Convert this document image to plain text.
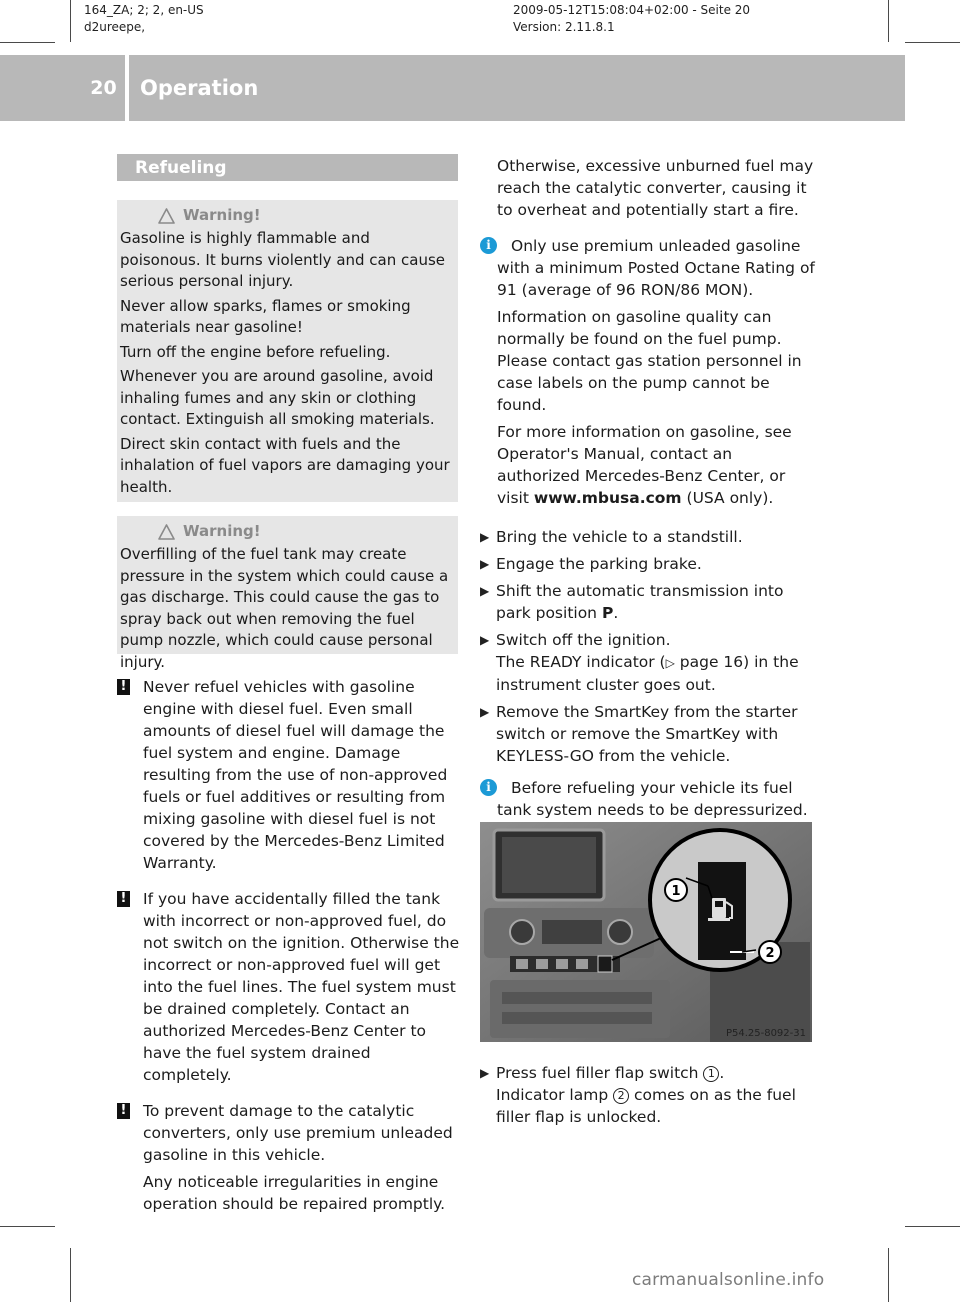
164_ZA; 2; 2, en-US
d2ureepe,
2009-05-12T15:08:04+02:00 - Seite 20
Version: 2.11.8.1
20	Operation
Refueling
Warning!

Gasoline is highly flammable and poisonous. It burns violently and can cause serious personal injury.

Never allow sparks, flames or smoking materials near gasoline!

Turn off the engine before refueling.

Whenever you are around gasoline, avoid inhaling fumes and any skin or clothing contact. Extinguish all smoking materials.

Direct skin contact with fuels and the inhalation of fuel vapors are damaging your health.

Warning!

Overfilling of the fuel tank may create pressure in the system which could cause a gas discharge. This could cause the gas to spray back out when removing the fuel pump nozzle, which could cause personal injury.

! Never refuel vehicles with gasoline engine with diesel fuel. Even small amounts of diesel fuel will damage the fuel system and engine. Damage resulting from the use of non-approved fuels or fuel additives or resulting from mixing gasoline with diesel fuel is not covered by the Mercedes-Benz Limited Warranty.

! If you have accidentally filled the tank with incorrect or non-approved fuel, do not switch on the ignition. Otherwise the incorrect or non-approved fuel will get into the fuel lines. The fuel system must be drained completely. Contact an authorized Mercedes-Benz Center to have the fuel system drained completely.

! To prevent damage to the catalytic converters, only use premium unleaded gasoline in this vehicle.

Any noticeable irregularities in engine operation should be repaired promptly.

Otherwise, excessive unburned fuel may reach the catalytic converter, causing it to overheat and potentially start a fire.

i	Only use premium unleaded gasoline with a minimum Posted Octane Rating of 91 (average of 96 RON/86 MON).

Information on gasoline quality can normally be found on the fuel pump. Please contact gas station personnel in case labels on the pump cannot be found.

For more information on gasoline, see Operator's Manual, contact an authorized Mercedes-Benz Center, or visit www.mbusa.com (USA only).

▶ Bring the vehicle to a standstill.
▶ Engage the parking brake.
▶ Shift the automatic transmission into park position P.
▶ Switch off the ignition.
The READY indicator (▷ page 16) in the instrument cluster goes out.
▶ Remove the SmartKey from the starter switch or remove the SmartKey with KEYLESS-GO from the vehicle.
i	Before refueling your vehicle its fuel tank system needs to be depressurized.

1
2
P54.25-8092-31
▶ Press fuel filler flap switch 1 .
Indicator lamp 2 comes on as the fuel filler flap is unlocked.
carmanualsonline.info
